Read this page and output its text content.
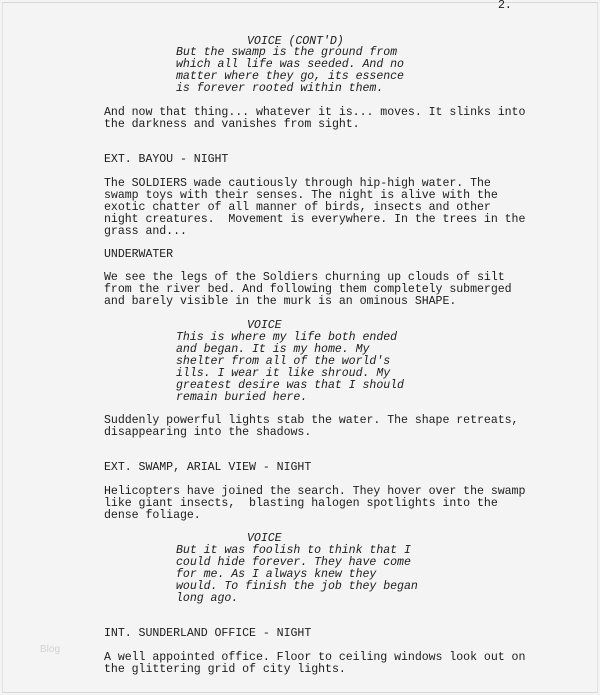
2.
VOICE (CONT'D)
But the swamp is the ground from
which all life was seeded. And no
matter where they go, its essence
is forever rooted within them.
And now that thing... whatever it is... moves. It slinks into
the darkness and vanishes from sight.
EXT. BAYOU - NIGHT
The SOLDIERS wade cautiously through hip-high water. The
swamp toys with their senses. The night is alive with the
exotic chatter of all manner of birds, insects and other
night creatures.  Movement is everywhere. In the trees in the
grass and...
UNDERWATER
We see the legs of the Soldiers churning up clouds of silt
from the river bed. And following them completely submerged
and barely visible in the murk is an ominous SHAPE.
VOICE
This is where my life both ended
and began. It is my home. My
shelter from all of the world's
ills. I wear it like shroud. My
greatest desire was that I should
remain buried here.
Suddenly powerful lights stab the water. The shape retreats,
disappearing into the shadows.
EXT. SWAMP, ARIAL VIEW - NIGHT
Helicopters have joined the search. They hover over the swamp
like giant insects,  blasting halogen spotlights into the
dense foliage.
VOICE
But it was foolish to think that I
could hide forever. They have come
for me. As I always knew they
would. To finish the job they began
long ago.
INT. SUNDERLAND OFFICE - NIGHT
A well appointed office. Floor to ceiling windows look out on
the glittering grid of city lights.
Blog
